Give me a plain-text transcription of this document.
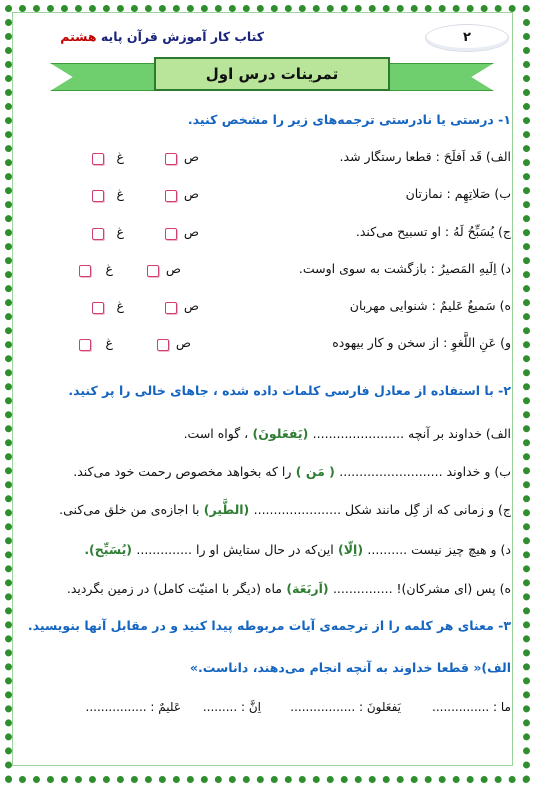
۲
کتاب کار آموزش قرآن پایه هشتم
تمرینات درس اول
۱- درستی یا نادرستی ترجمه‌های زیر را مشخص کنید.
الف) قَد اَفلَحَ : قطعا رستگار شد.
ص
غ
ب) صَلاتِهِم : نمازتان
ص
غ
ج) یُسَبِّحُ لَهُ : او تسبیح می‌کند.
ص
غ
د) اِلَیهِ المَصیرُ : بازگشت به سوی اوست.
ص
غ
ه) سَمیعٌ عَلیمٌ : شنوایی مهربان
ص
غ
و) عَنِ اللَّغوِ : از سخن و کار بیهوده
ص
غ
۲- با استفاده از معادل فارسی کلمات داده شده ، جاهای خالی را پر کنید.
الف) خداوند بر آنچه ....................... (یَفعَلونَ) ، گواه است.
ب) و خداوند .......................... ( مَن ) را که بخواهد مخصوص رحمت خود می‌کند.
ج) و زمانی که از گِل مانند شکل ...................... (الطَّیر) با اجازه‌ی من خلق می‌کنی.
د) و هیچ چیز نیست .......... (اِلّا) این‌که در حال ستایش او را .............. (یُسَبِّح).
ه) پس (ای مشرکان)! ............... (اَربَعَة) ماه (دیگر با امنیّت کامل) در زمین بگردید.
۳- معنای هر کلمه را از ترجمه‌ی آیات مربوطه پیدا کنید و در مقابل آنها بنویسید.
الف)« قطعا خداوند به آنچه انجام می‌دهند، داناست.»
ما : ...............
یَفعَلونَ : .................
اِنَّ : .........
عَلیمٌ : ................
